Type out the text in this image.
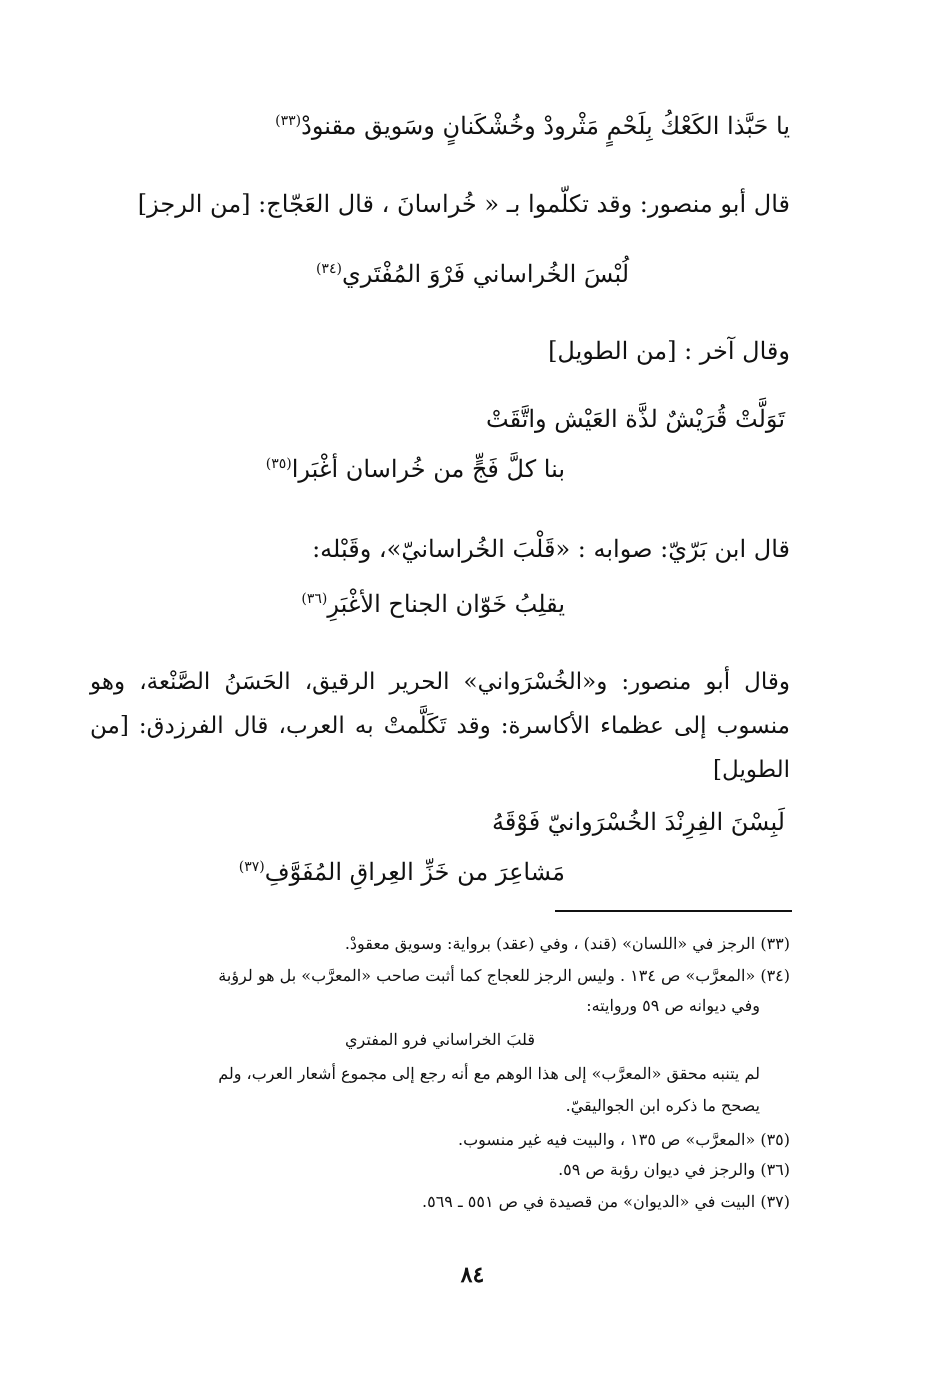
يا حَبَّذا الكَعْكُ بِلَحْمٍ مَثْرودْ وخُشْكَنانٍ وسَويق مقنودْ$^{(٣٣)}$
قال أبو منصور: وقد تكلّموا بـ « خُراسانَ ، قال العَجّاج: [من الرجز]
لُبْسَ الخُراساني فَرْوَ المُفْتَري$^{(٣٤)}$
وقال آخر : [من الطويل]
تَوَلَّتْ قُرَيْشٌ لذَّة العَيْش واتَّقَتْ
بنا كلَّ فَجٍّ من خُراسان أغْبَرا$^{(٣٥)}$
قال ابن بَرّيّ: صوابه : «قَلْبَ الخُراسانيّ»، وقَبْله:
يقلِبُ خَوّان الجناح الأغْبَرِ$^{(٣٦)}$
وقال أبو منصور: و«الخُسْرَواني» الحرير الرقيق، الحَسَنُ الصَّنْعة، وهو منسوب إلى عظماء الأكاسرة: وقد تَكَلَّمتْ به العرب، قال الفرزدق: [من الطويل]
لَبِسْنَ الفِرِنْدَ الخُسْرَوانيّ فَوْقَهُ
مَشاعِرَ من خَزِّ العِراقِ المُفَوَّفِ$^{(٣٧)}$
(٣٣) الرجز في «اللسان» (قند) ، وفي (عقد) برواية: وسويق معقودْ.
(٣٤) «المعرَّب» ص ١٣٤ . وليس الرجز للعجاج كما أثبت صاحب «المعرَّب» بل هو لرؤبة
وفي ديوانه ص ٥٩ وروايته:
قلبَ الخراساني فرو المفتري
لم يتنبه محقق «المعرَّب» إلى هذا الوهم مع أنه رجع إلى مجموع أشعار العرب، ولم
يصحح ما ذكره ابن الجواليقيّ.
(٣٥) «المعرَّب» ص ١٣٥ ، والبيت فيه غير منسوب.
(٣٦) والرجز في ديوان رؤبة ص ٥٩.
(٣٧) البيت في «الديوان» من قصيدة في ص ٥٥١ ـ ٥٦٩.
٨٤
